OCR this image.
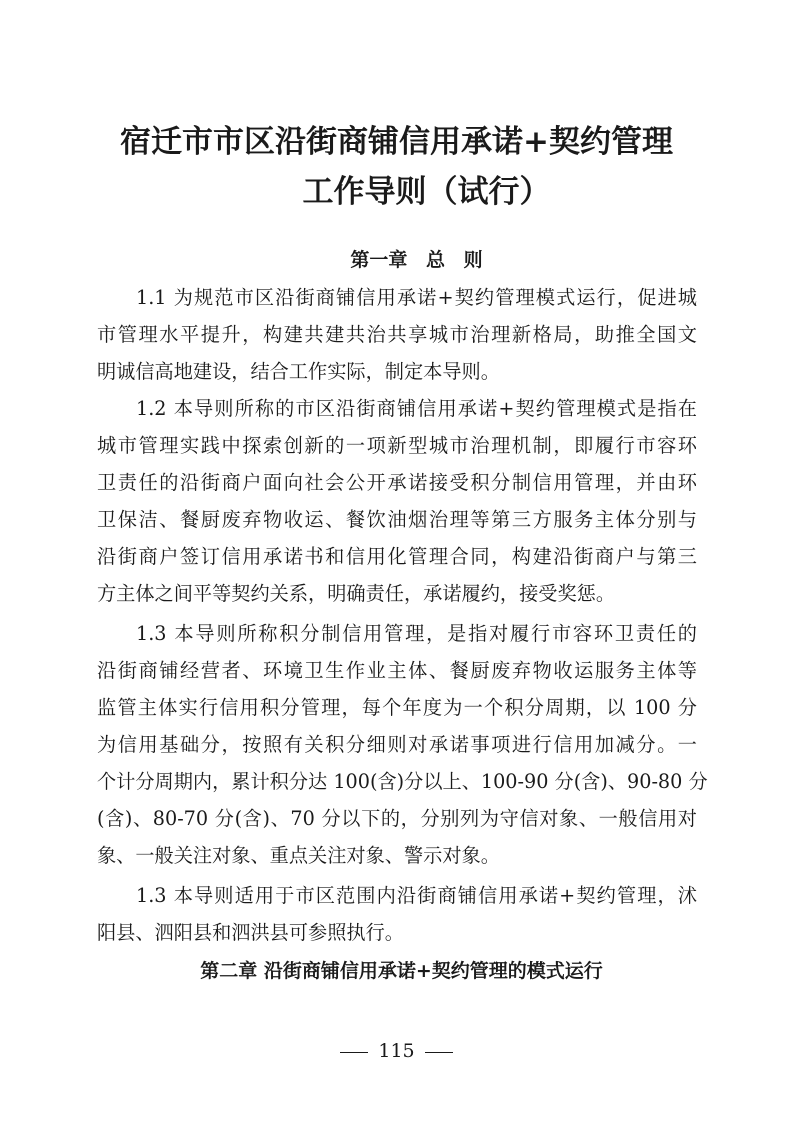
宿迁市市区沿街商铺信用承诺+契约管理
工作导则（试行）
第一章 总 则

1.1 为规范市区沿街商铺信用承诺+契约管理模式运行，促进城

市管理水平提升，构建共建共治共享城市治理新格局，助推全国文

明诚信高地建设，结合工作实际，制定本导则。

1.2 本导则所称的市区沿街商铺信用承诺+契约管理模式是指在

城市管理实践中探索创新的一项新型城市治理机制，即履行市容环

卫责任的沿街商户面向社会公开承诺接受积分制信用管理，并由环

卫保洁、餐厨废弃物收运、餐饮油烟治理等第三方服务主体分别与

沿街商户签订信用承诺书和信用化管理合同，构建沿街商户与第三

方主体之间平等契约关系，明确责任，承诺履约，接受奖惩。

1.3 本导则所称积分制信用管理，是指对履行市容环卫责任的

沿街商铺经营者、环境卫生作业主体、餐厨废弃物收运服务主体等

监管主体实行信用积分管理，每个年度为一个积分周期，以 100 分

为信用基础分，按照有关积分细则对承诺事项进行信用加减分。一

个计分周期内，累计积分达 100(含)分以上、100-90 分(含)、90-80 分

(含)、80-70 分(含)、70 分以下的，分别列为守信对象、一般信用对

象、一般关注对象、重点关注对象、警示对象。

1.3 本导则适用于市区范围内沿街商铺信用承诺+契约管理，沭

阳县、泗阳县和泗洪县可参照执行。

第二章 沿街商铺信用承诺+契约管理的模式运行
115
